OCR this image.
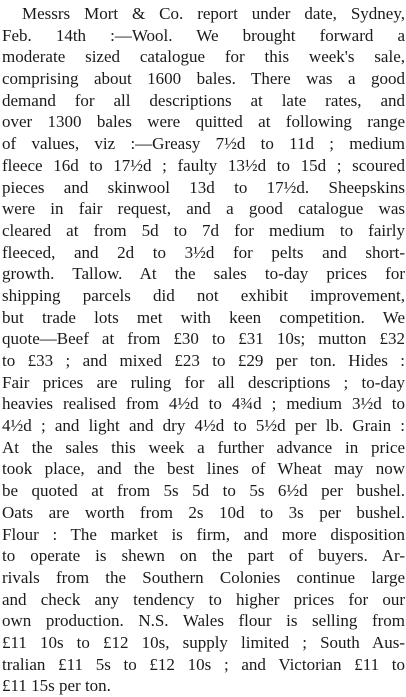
Messrs Mort & Co. report under date, Sydney,
Feb. 14th :—Wool. We brought forward a
moderate sized catalogue for this week's sale,
comprising about 1600 bales. There was a good
demand for all descriptions at late rates, and
over 1300 bales were quitted at following range
of values, viz :—Greasy 7½d to 11d ; medium
fleece 16d to 17½d ; faulty 13½d to 15d ; scoured
pieces and skinwool 13d to 17½d. Sheepskins
were in fair request, and a good catalogue was
cleared at from 5d to 7d for medium to fairly
fleeced, and 2d to 3½d for pelts and short-
growth. Tallow. At the sales to-day prices for
shipping parcels did not exhibit improvement,
but trade lots met with keen competition. We
quote—Beef at from £30 to £31 10s; mutton £32
to £33 ; and mixed £23 to £29 per ton. Hides :
Fair prices are ruling for all descriptions ; to-day
heavies realised from 4½d to 4¾d ; medium 3½d to
4½d ; and light and dry 4½d to 5½d per lb. Grain :
At the sales this week a further advance in price
took place, and the best lines of Wheat may now
be quoted at from 5s 5d to 5s 6½d per bushel.
Oats are worth from 2s 10d to 3s per bushel.
Flour : The market is firm, and more disposition
to operate is shewn on the part of buyers. Ar-
rivals from the Southern Colonies continue large
and check any tendency to higher prices for our
own production. N.S. Wales flour is selling from
£11 10s to £12 10s, supply limited ; South Aus-
tralian £11 5s to £12 10s ; and Victorian £11 to
£11 15s per ton.
